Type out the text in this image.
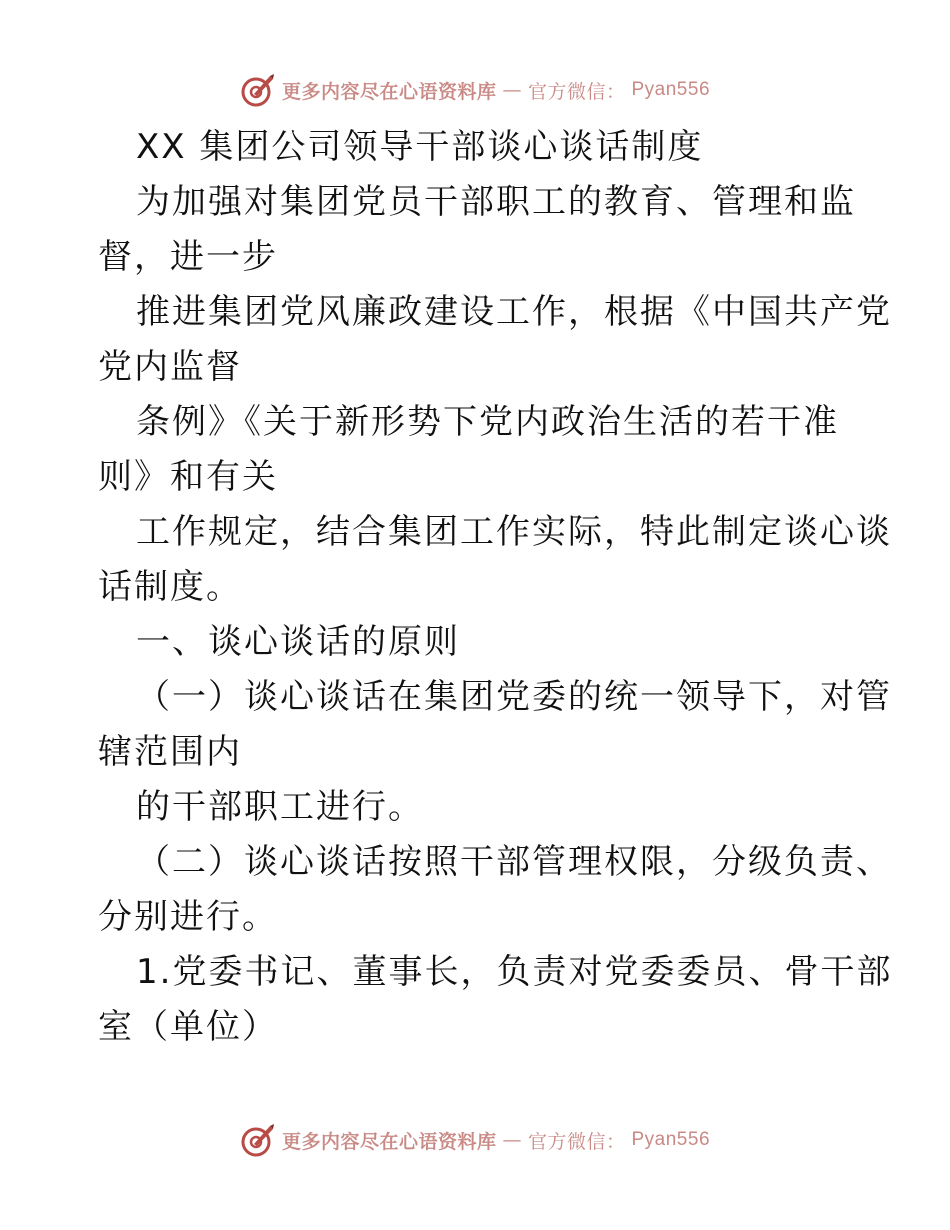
更多内容尽在心语资料库 — 官方微信： Pyan556
XX 集团公司领导干部谈心谈话制度
为加强对集团党员干部职工的教育、管理和监
督，进一步
推进集团党风廉政建设工作，根据《中国共产党
党内监督
条例》《关于新形势下党内政治生活的若干准
则》和有关
工作规定，结合集团工作实际，特此制定谈心谈
话制度。
一、谈心谈话的原则
（一）谈心谈话在集团党委的统一领导下，对管
辖范围内
的干部职工进行。
（二）谈心谈话按照干部管理权限，分级负责、
分别进行。
1.党委书记、董事长，负责对党委委员、骨干部
室（单位）
更多内容尽在心语资料库 — 官方微信： Pyan556
